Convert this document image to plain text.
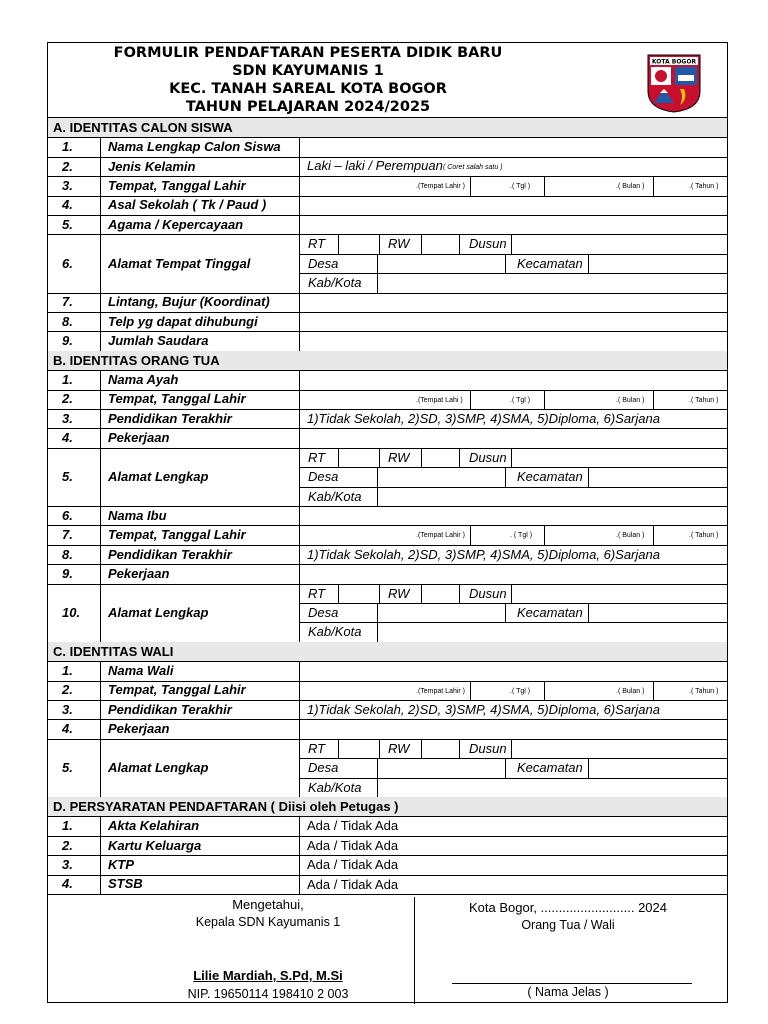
FORMULIR PENDAFTARAN PESERTA DIDIK BARU
SDN KAYUMANIS 1
KEC. TANAH SAREAL KOTA BOGOR
TAHUN PELAJARAN 2024/2025
KOTA BOGOR
A. IDENTITAS CALON SISWA
1.	Nama Lengkap Calon Siswa
2.	Jenis Kelamin	Laki – laki / Perempuan ( Coret salah satu )
3.	Tempat, Tanggal Lahir	.(Tempat Lahir )	.( Tgl )	.( Bulan )	.( Tahun )
4.	Asal Sekolah ( Tk / Paud )
5.	Agama / Kepercayaan
6.	Alamat Tempat Tinggal
RT	RW	Dusun
Desa	Kecamatan
Kab/Kota
7.	Lintang, Bujur (Koordinat)
8.	Telp yg dapat dihubungi
9.	Jumlah Saudara
B. IDENTITAS ORANG TUA
1.	Nama Ayah
2.	Tempat, Tanggal Lahir	.(Tempat Lahi )	.( Tgl )	.( Bulan )	.( Tahun )
3.	Pendidikan Terakhir	1)Tidak Sekolah, 2)SD, 3)SMP, 4)SMA, 5)Diploma, 6)Sarjana
4.	Pekerjaan
5.	Alamat Lengkap
RT	RW	Dusun
Desa	Kecamatan
Kab/Kota
6.	Nama Ibu
7.	Tempat, Tanggal Lahir	.(Tempat Lahir )	. ( Tgl )	.( Bulan )	.( Tahun )
8.	Pendidikan Terakhir	1)Tidak Sekolah, 2)SD, 3)SMP, 4)SMA, 5)Diploma, 6)Sarjana
9.	Pekerjaan
10. Alamat Lengkap
RT	RW	Dusun
Desa	Kecamatan
Kab/Kota
C. IDENTITAS WALI
1.	Nama Wali
2.	Tempat, Tanggal Lahir	.(Tempat Lahir )	.( Tgl )	.( Bulan )	.( Tahun )
3.	Pendidikan Terakhir	1)Tidak Sekolah, 2)SD, 3)SMP, 4)SMA, 5)Diploma, 6)Sarjana
4.	Pekerjaan
5.	Alamat Lengkap
RT	RW	Dusun
Desa	Kecamatan
Kab/Kota
D. PERSYARATAN PENDAFTARAN ( Diisi oleh Petugas )
1.	Akta Kelahiran	Ada / Tidak Ada
2.	Kartu Keluarga	Ada / Tidak Ada
3.	KTP	Ada / Tidak Ada
4.	STSB	Ada / Tidak Ada
Mengetahui,
Kepala SDN Kayumanis 1
Lilie Mardiah, S.Pd, M.Si
NIP. 19650114 198410 2 003
Kota Bogor, .......................... 2024
Orang Tua / Wali
( Nama Jelas )
